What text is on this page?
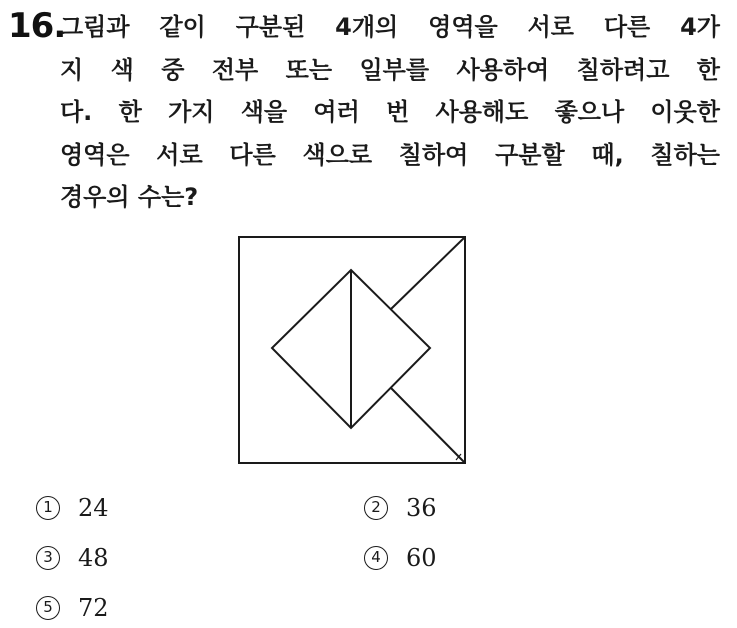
16.
그림과 같이 구분된 4개의 영역을 서로 다른 4가
지 색 중 전부 또는 일부를 사용하여 칠하려고 한
다. 한 가지 색을 여러 번 사용해도 좋으나 이웃한
영역은 서로 다른 색으로 칠하여 구분할 때, 칠하는
경우의 수는?
1	24	2	36
3	48	4	60
5	72
